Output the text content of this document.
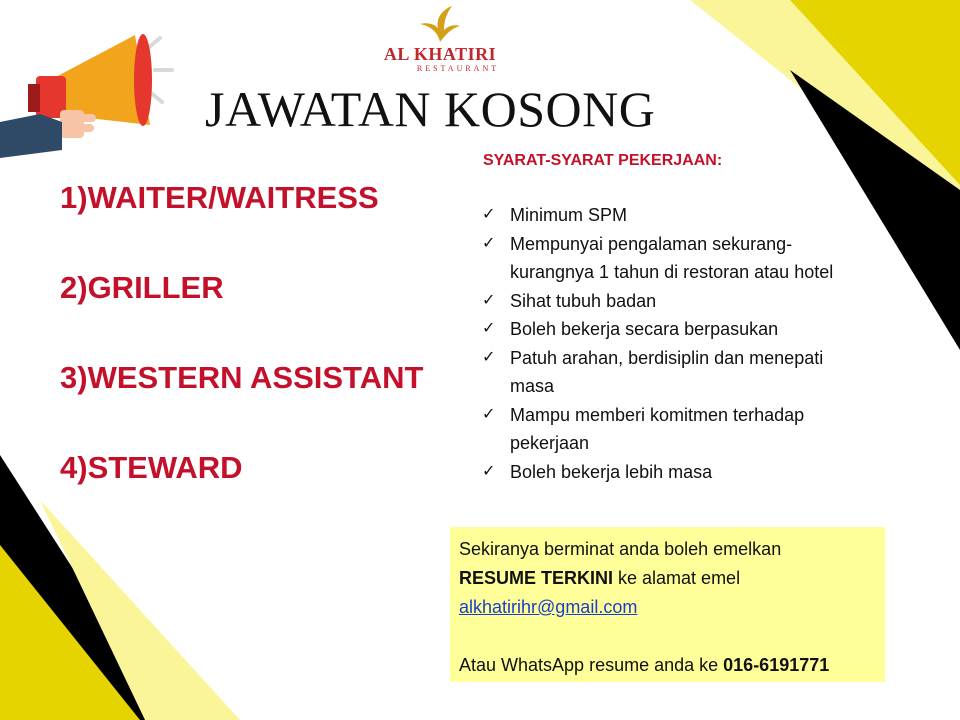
AL KHATIRI
RESTAURANT
JAWATAN KOSONG
1)WAITER/WAITRESS
2)GRILLER
3)WESTERN ASSISTANT
4)STEWARD
SYARAT-SYARAT PEKERJAAN:
✓ Minimum SPM
✓ Mempunyai pengalaman sekurang-
kurangnya 1 tahun di restoran atau hotel
✓ Sihat tubuh badan
✓ Boleh bekerja secara berpasukan
✓ Patuh arahan, berdisiplin dan menepati
masa
✓ Mampu memberi komitmen terhadap
pekerjaan
✓ Boleh bekerja lebih masa

Sekiranya berminat anda boleh emelkan

RESUME TERKINI ke alamat emel

alkhatirihr@gmail.com

Atau WhatsApp resume anda ke 016-6191771
